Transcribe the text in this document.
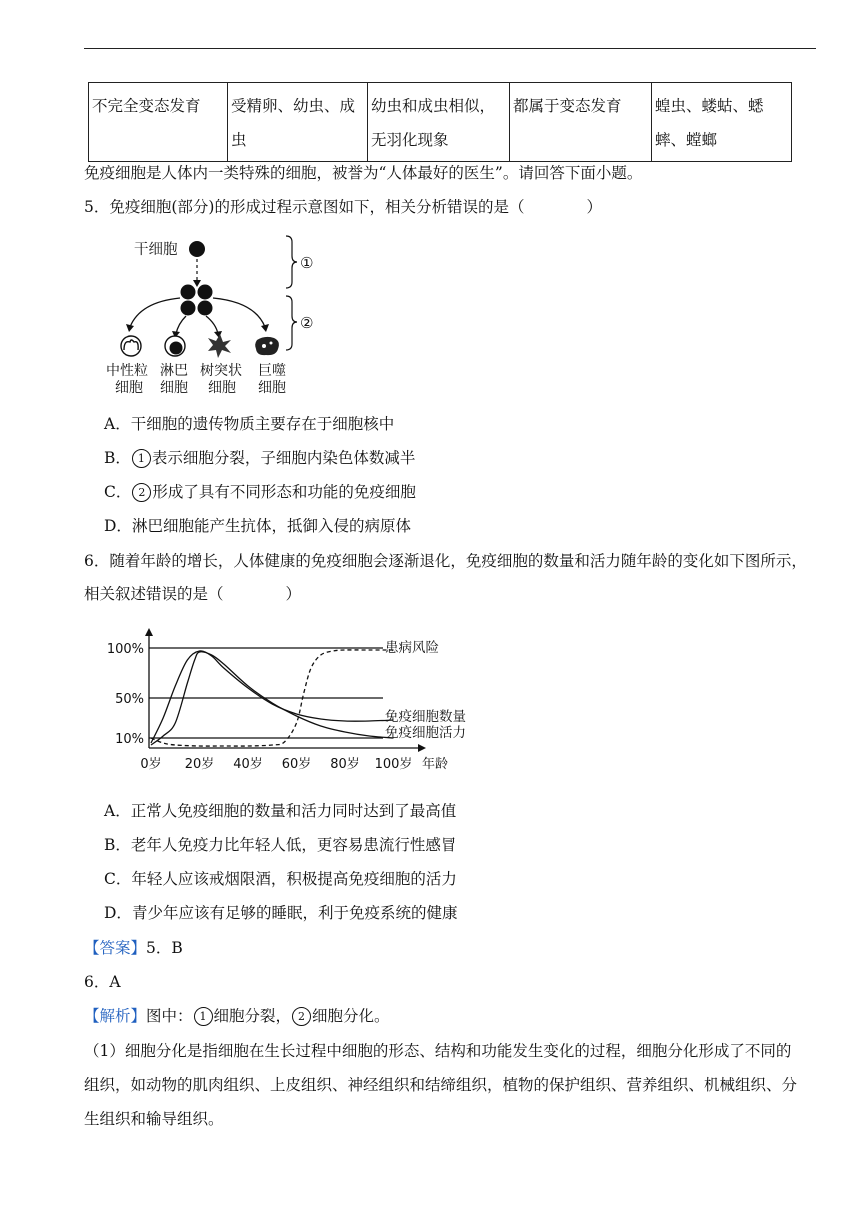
不完全变态发育	受精卵、幼虫、成虫	幼虫和成虫相似，无羽化现象	都属于变态发育	蝗虫、蝼蛄、蟋蟀、螳螂
免疫细胞是人体内一类特殊的细胞，被誉为“人体最好的医生”。请回答下面小题。
5．免疫细胞(部分)的形成过程示意图如下，相关分析错误的是（　　　　）
干细胞
中性粒
细胞
淋巴
细胞
树突状
细胞
巨噬
细胞
①
②
A．干细胞的遗传物质主要存在于细胞核中
B． 1 表示细胞分裂，子细胞内染色体数减半
C． 2 形成了具有不同形态和功能的免疫细胞
D．淋巴细胞能产生抗体，抵御入侵的病原体
6．随着年龄的增长，人体健康的免疫细胞会逐渐退化，免疫细胞的数量和活力随年龄的变化如下图所示，
相关叙述错误的是（　　　　）
10%
50%
100%
0岁 20岁 40岁 60岁 80岁 100岁 年龄
患病风险
免疫细胞数量
免疫细胞活力
A．正常人免疫细胞的数量和活力同时达到了最高值
B．老年人免疫力比年轻人低，更容易患流行性感冒
C．年轻人应该戒烟限酒，积极提高免疫细胞的活力
D．青少年应该有足够的睡眠，利于免疫系统的健康
【答案】5．B
6．A
【解析】图中： 1 细胞分裂， 2 细胞分化。
（1）细胞分化是指细胞在生长过程中细胞的形态、结构和功能发生变化的过程，细胞分化形成了不同的
组织，如动物的肌肉组织、上皮组织、神经组织和结缔组织，植物的保护组织、营养组织、机械组织、分
生组织和输导组织。
